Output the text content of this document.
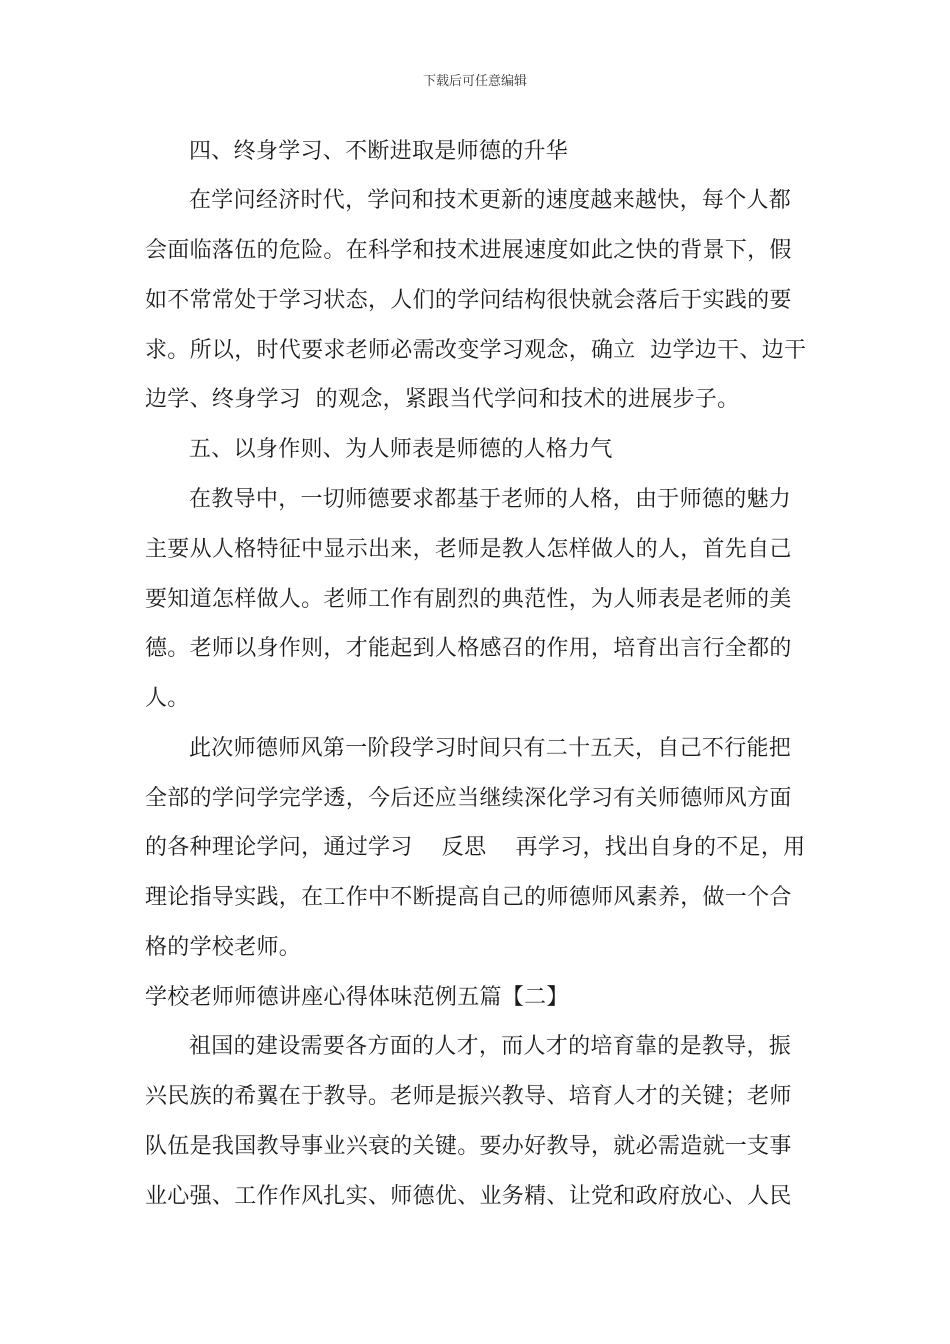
下载后可任意编辑
四、终身学习、不断进取是师德的升华
在学问经济时代，学问和技术更新的速度越来越快，每个人都
会面临落伍的危险。在科学和技术进展速度如此之快的背景下，假
如不常常处于学习状态，人们的学问结构很快就会落后于实践的要
求。所以，时代要求老师必需改变学习观念，确立  边学边干、边干
边学、终身学习  的观念，紧跟当代学问和技术的进展步子。
五、以身作则、为人师表是师德的人格力气
在教导中，一切师德要求都基于老师的人格，由于师德的魅力
主要从人格特征中显示出来，老师是教人怎样做人的人，首先自己
要知道怎样做人。老师工作有剧烈的典范性，为人师表是老师的美
德。老师以身作则，才能起到人格感召的作用，培育出言行全都的
人。
此次师德师风第一阶段学习时间只有二十五天，自己不行能把
全部的学问学完学透，今后还应当继续深化学习有关师德师风方面
的各种理论学问，通过学习    反思    再学习，找出自身的不足，用
理论指导实践，在工作中不断提高自己的师德师风素养，做一个合
格的学校老师。
学校老师师德讲座心得体味范例五篇【二】
祖国的建设需要各方面的人才，而人才的培育靠的是教导，振
兴民族的希翼在于教导。老师是振兴教导、培育人才的关键；老师
队伍是我国教导事业兴衰的关键。要办好教导，就必需造就一支事
业心强、工作作风扎实、师德优、业务精、让党和政府放心、人民
